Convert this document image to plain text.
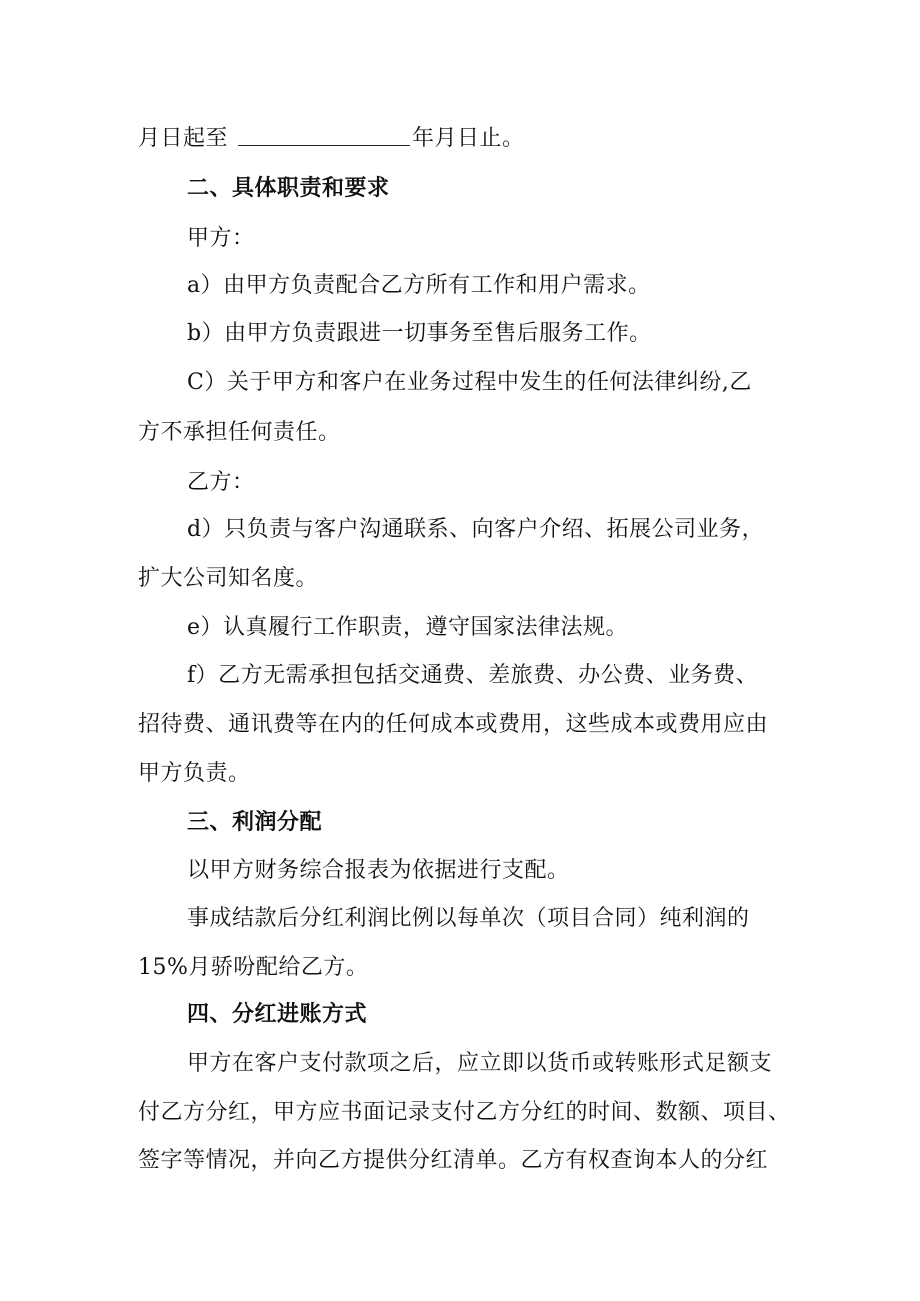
月日起至	年月日止。
二、具体职责和要求
甲方：
a）由甲方负责配合乙方所有工作和用户需求。
b）由甲方负责跟进一切事务至售后服务工作。
C）关于甲方和客户在业务过程中发生的任何法律纠纷,乙
方不承担任何责任。
乙方：
d）只负责与客户沟通联系、向客户介绍、拓展公司业务，
扩大公司知名度。
e）认真履行工作职责，遵守国家法律法规。
f）乙方无需承担包括交通费、差旅费、办公费、业务费、
招待费、通讯费等在内的任何成本或费用，这些成本或费用应由
甲方负责。
三、利润分配
以甲方财务综合报表为依据进行支配。
事成结款后分红利润比例以每单次（项目合同）纯利润的
15%月骄吩配给乙方。
四、分红进账方式
甲方在客户支付款项之后，应立即以货币或转账形式足额支
付乙方分红，甲方应书面记录支付乙方分红的时间、数额、项目、
签字等情况，并向乙方提供分红清单。乙方有权查询本人的分红
